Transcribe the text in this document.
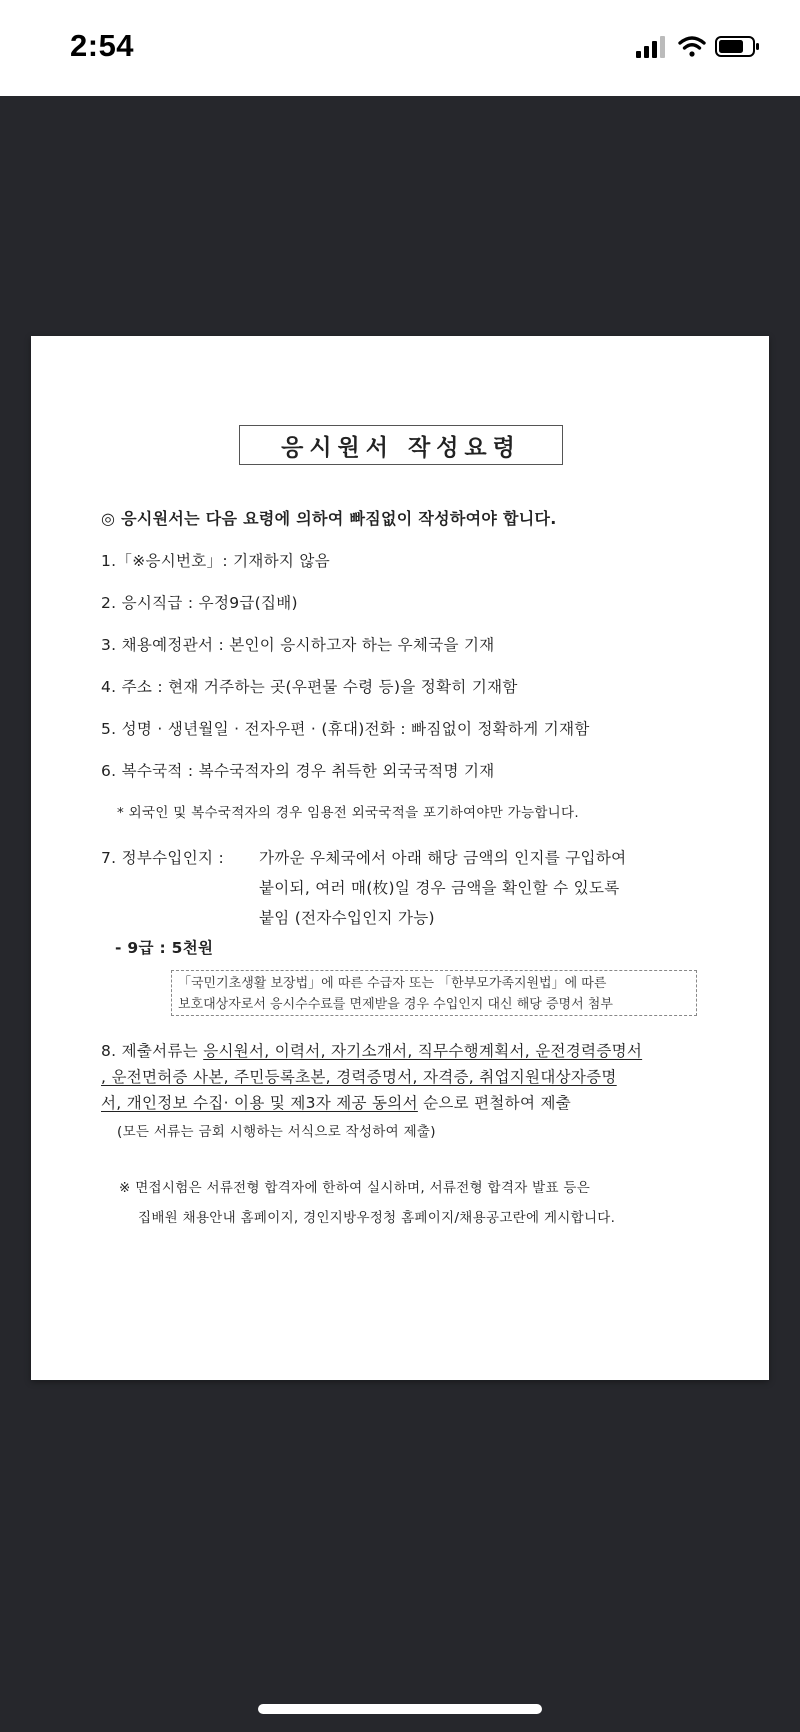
2:54
응시원서 작성요령
◎ 응시원서는 다음 요령에 의하여 빠짐없이 작성하여야 합니다.
1.「※응시번호」: 기재하지 않음
2. 응시직급 : 우정9급(집배)
3. 채용예정관서 : 본인이 응시하고자 하는 우체국을 기재
4. 주소 : 현재 거주하는 곳(우편물 수령 등)을 정확히 기재함
5. 성명 · 생년월일 · 전자우편 · (휴대)전화 : 빠짐없이 정확하게 기재함
6. 복수국적 : 복수국적자의 경우 취득한 외국국적명 기재
* 외국인 및 복수국적자의 경우 임용전 외국국적을 포기하여야만 가능합니다.
7. 정부수입인지 : 가까운 우체국에서 아래 해당 금액의 인지를 구입하여
붙이되, 여러 매(枚)일 경우 금액을 확인할 수 있도록
붙임 (전자수입인지 가능)
- 9급 : 5천원
「국민기초생활 보장법」에 따른 수급자 또는 「한부모가족지원법」에 따른
보호대상자로서 응시수수료를 면제받을 경우 수입인지 대신 해당 증명서 첨부
8. 제출서류는 응시원서, 이력서, 자기소개서, 직무수행계획서, 운전경력증명서
, 운전면허증 사본, 주민등록초본, 경력증명서, 자격증, 취업지원대상자증명
서, 개인정보 수집· 이용 및 제3자 제공 동의서 순으로 편철하여 제출
(모든 서류는 금회 시행하는 서식으로 작성하여 제출)
※ 면접시험은 서류전형 합격자에 한하여 실시하며, 서류전형 합격자 발표 등은
집배원 채용안내 홈페이지, 경인지방우정청 홈페이지/채용공고란에 게시합니다.
